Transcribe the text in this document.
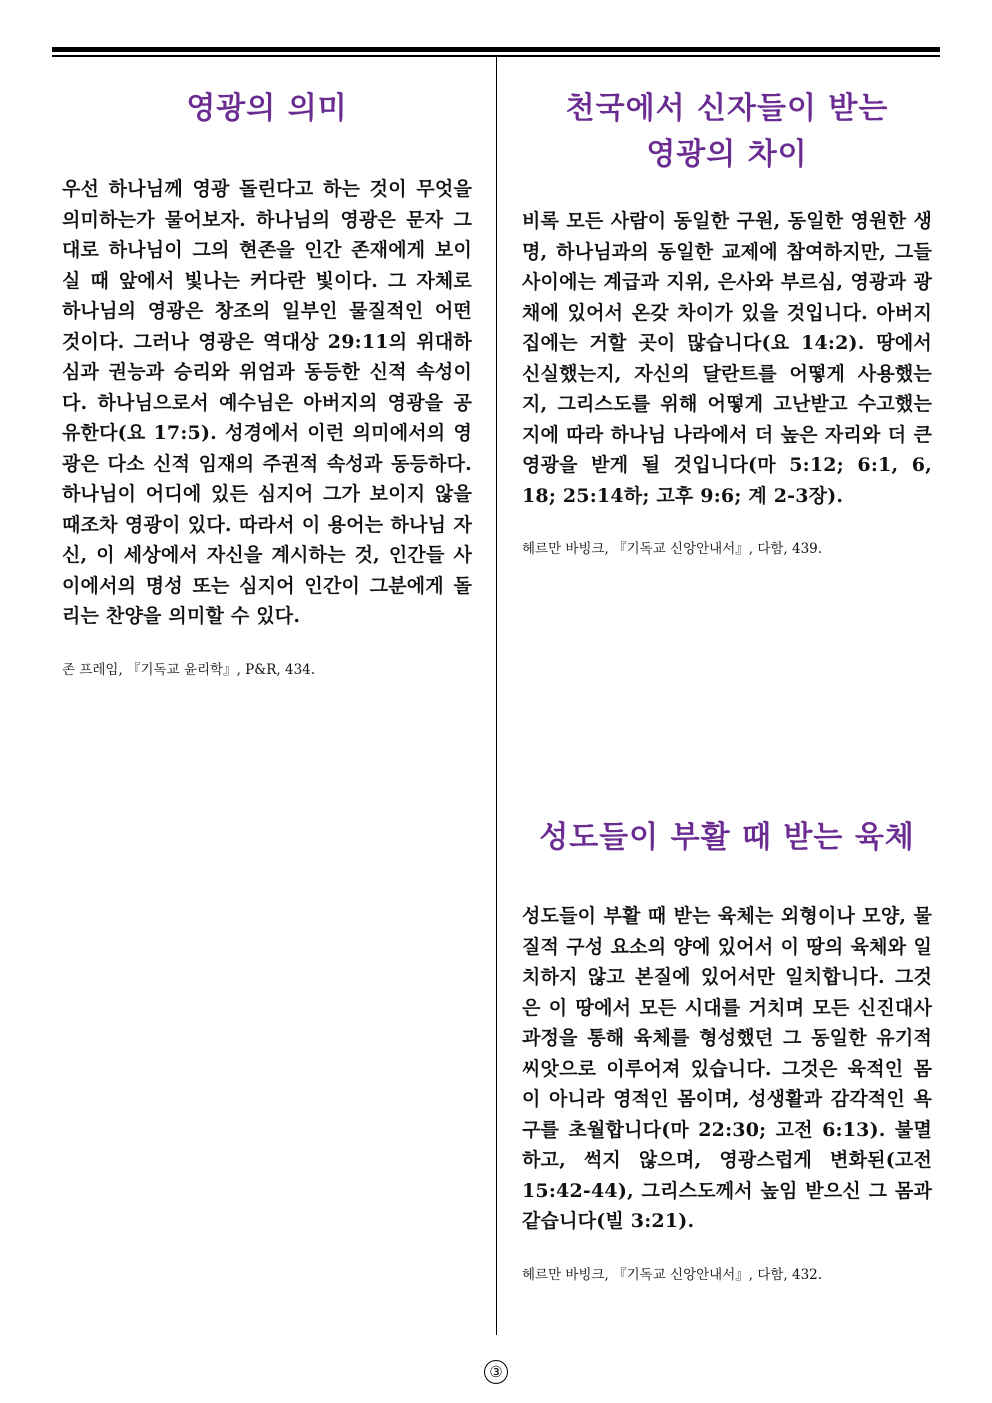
영광의 의미

우선 하나님께 영광 돌린다고 하는 것이 무엇을 의미하는가 물어보자. 하나님의 영광은 문자 그대로 하나님이 그의 현존을 인간 존재에게 보이실 때 앞에서 빛나는 커다란 빛이다. 그 자체로 하나님의 영광은 창조의 일부인 물질적인 어떤 것이다. 그러나 영광은 역대상 29:11의 위대하심과 권능과 승리와 위엄과 동등한 신적 속성이다. 하나님으로서 예수님은 아버지의 영광을 공유한다(요 17:5). 성경에서 이런 의미에서의 영광은 다소 신적 임재의 주권적 속성과 동등하다. 하나님이 어디에 있든 심지어 그가 보이지 않을 때조차 영광이 있다. 따라서 이 용어는 하나님 자신, 이 세상에서 자신을 계시하는 것, 인간들 사이에서의 명성 또는 심지어 인간이 그분에게 돌리는 찬양을 의미할 수 있다.

존 프레임, 『기독교 윤리학』, P&R, 434.
천국에서 신자들이 받는
영광의 차이

비록 모든 사람이 동일한 구원, 동일한 영원한 생명, 하나님과의 동일한 교제에 참여하지만, 그들 사이에는 계급과 지위, 은사와 부르심, 영광과 광채에 있어서 온갖 차이가 있을 것입니다. 아버지 집에는 거할 곳이 많습니다(요 14:2). 땅에서 신실했는지, 자신의 달란트를 어떻게 사용했는지, 그리스도를 위해 어떻게 고난받고 수고했는지에 따라 하나님 나라에서 더 높은 자리와 더 큰 영광을 받게 될 것입니다(마 5:12; 6:1, 6, 18; 25:14하; 고후 9:6; 계 2-3장).

헤르만 바빙크, 『기독교 신앙안내서』, 다함, 439.
성도들이 부활 때 받는 육체

성도들이 부활 때 받는 육체는 외형이나 모양, 물질적 구성 요소의 양에 있어서 이 땅의 육체와 일치하지 않고 본질에 있어서만 일치합니다. 그것은 이 땅에서 모든 시대를 거치며 모든 신진대사 과정을 통해 육체를 형성했던 그 동일한 유기적 씨앗으로 이루어져 있습니다. 그것은 육적인 몸이 아니라 영적인 몸이며, 성생활과 감각적인 욕구를 초월합니다(마 22:30; 고전 6:13). 불멸하고, 썩지 않으며, 영광스럽게 변화된(고전 15:42-44), 그리스도께서 높임 받으신 그 몸과 같습니다(빌 3:21).

헤르만 바빙크, 『기독교 신앙안내서』, 다함, 432.
③
